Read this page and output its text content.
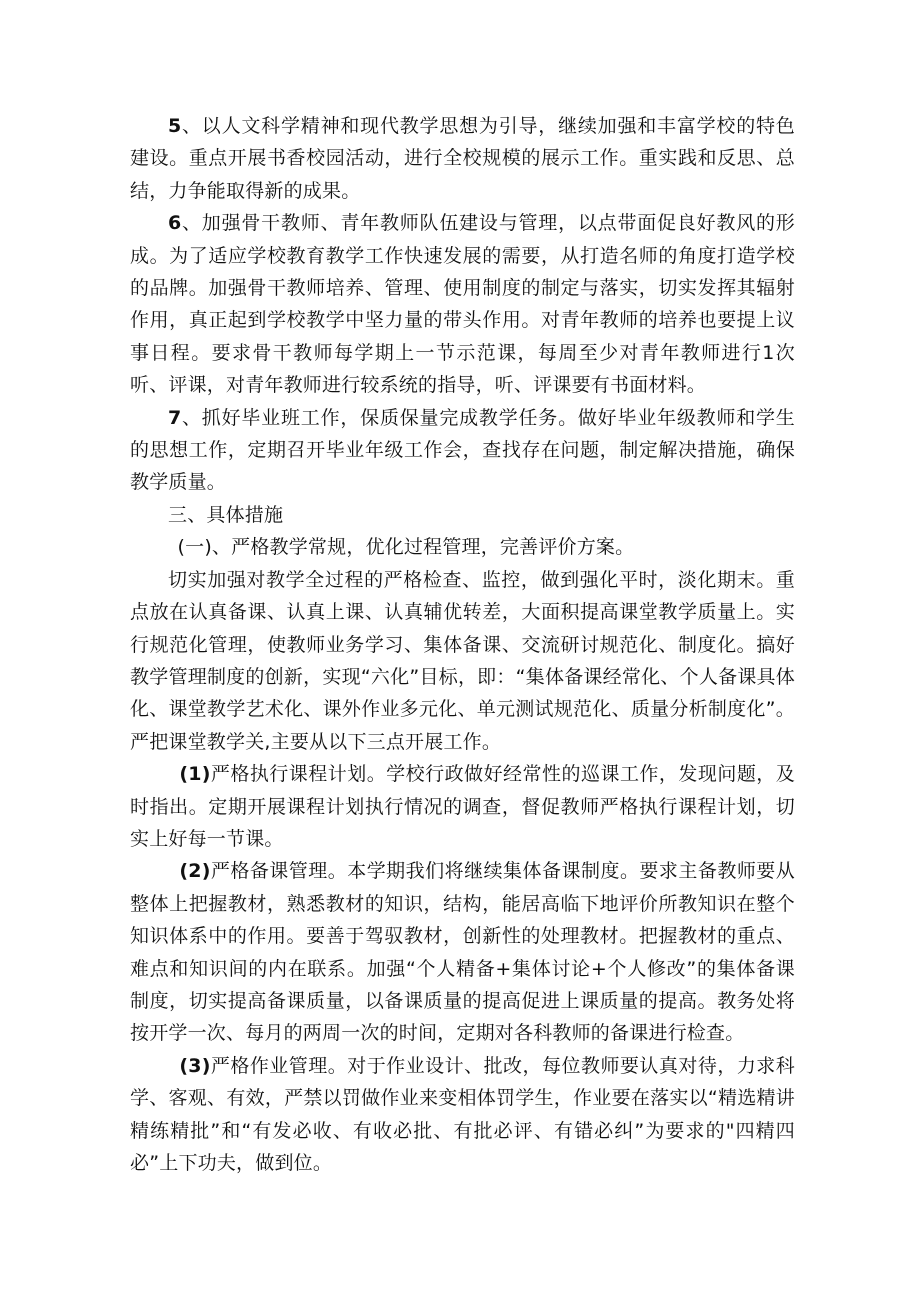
5、以人文科学精神和现代教学思想为引导，继续加强和丰富学校的特色建设。重点开展书香校园活动，进行全校规模的展示工作。重实践和反思、总结，力争能取得新的成果。

6、加强骨干教师、青年教师队伍建设与管理，以点带面促良好教风的形成。为了适应学校教育教学工作快速发展的需要，从打造名师的角度打造学校的品牌。加强骨干教师培养、管理、使用制度的制定与落实，切实发挥其辐射作用，真正起到学校教学中坚力量的带头作用。对青年教师的培养也要提上议事日程。要求骨干教师每学期上一节示范课，每周至少对青年教师进行1次听、评课，对青年教师进行较系统的指导，听、评课要有书面材料。

7、抓好毕业班工作，保质保量完成教学任务。做好毕业年级教师和学生的思想工作，定期召开毕业年级工作会，查找存在问题，制定解决措施，确保教学质量。

三、具体措施

(一)、严格教学常规，优化过程管理，完善评价方案。

切实加强对教学全过程的严格检查、监控，做到强化平时，淡化期末。重点放在认真备课、认真上课、认真辅优转差，大面积提高课堂教学质量上。实行规范化管理，使教师业务学习、集体备课、交流研讨规范化、制度化。搞好教学管理制度的创新，实现“六化”目标，即：“集体备课经常化、个人备课具体化、课堂教学艺术化、课外作业多元化、单元测试规范化、质量分析制度化”。严把课堂教学关,主要从以下三点开展工作。

(1)严格执行课程计划。学校行政做好经常性的巡课工作，发现问题，及时指出。定期开展课程计划执行情况的调查，督促教师严格执行课程计划，切实上好每一节课。

(2)严格备课管理。本学期我们将继续集体备课制度。要求主备教师要从整体上把握教材，熟悉教材的知识，结构，能居高临下地评价所教知识在整个知识体系中的作用。要善于驾驭教材，创新性的处理教材。把握教材的重点、难点和知识间的内在联系。加强“个人精备+集体讨论+个人修改”的集体备课制度，切实提高备课质量，以备课质量的提高促进上课质量的提高。教务处将按开学一次、每月的两周一次的时间，定期对各科教师的备课进行检查。

(3)严格作业管理。对于作业设计、批改，每位教师要认真对待，力求科学、客观、有效，严禁以罚做作业来变相体罚学生，作业要在落实以“精选精讲精练精批”和“有发必收、有收必批、有批必评、有错必纠”为要求的"四精四必”上下功夫，做到位。
